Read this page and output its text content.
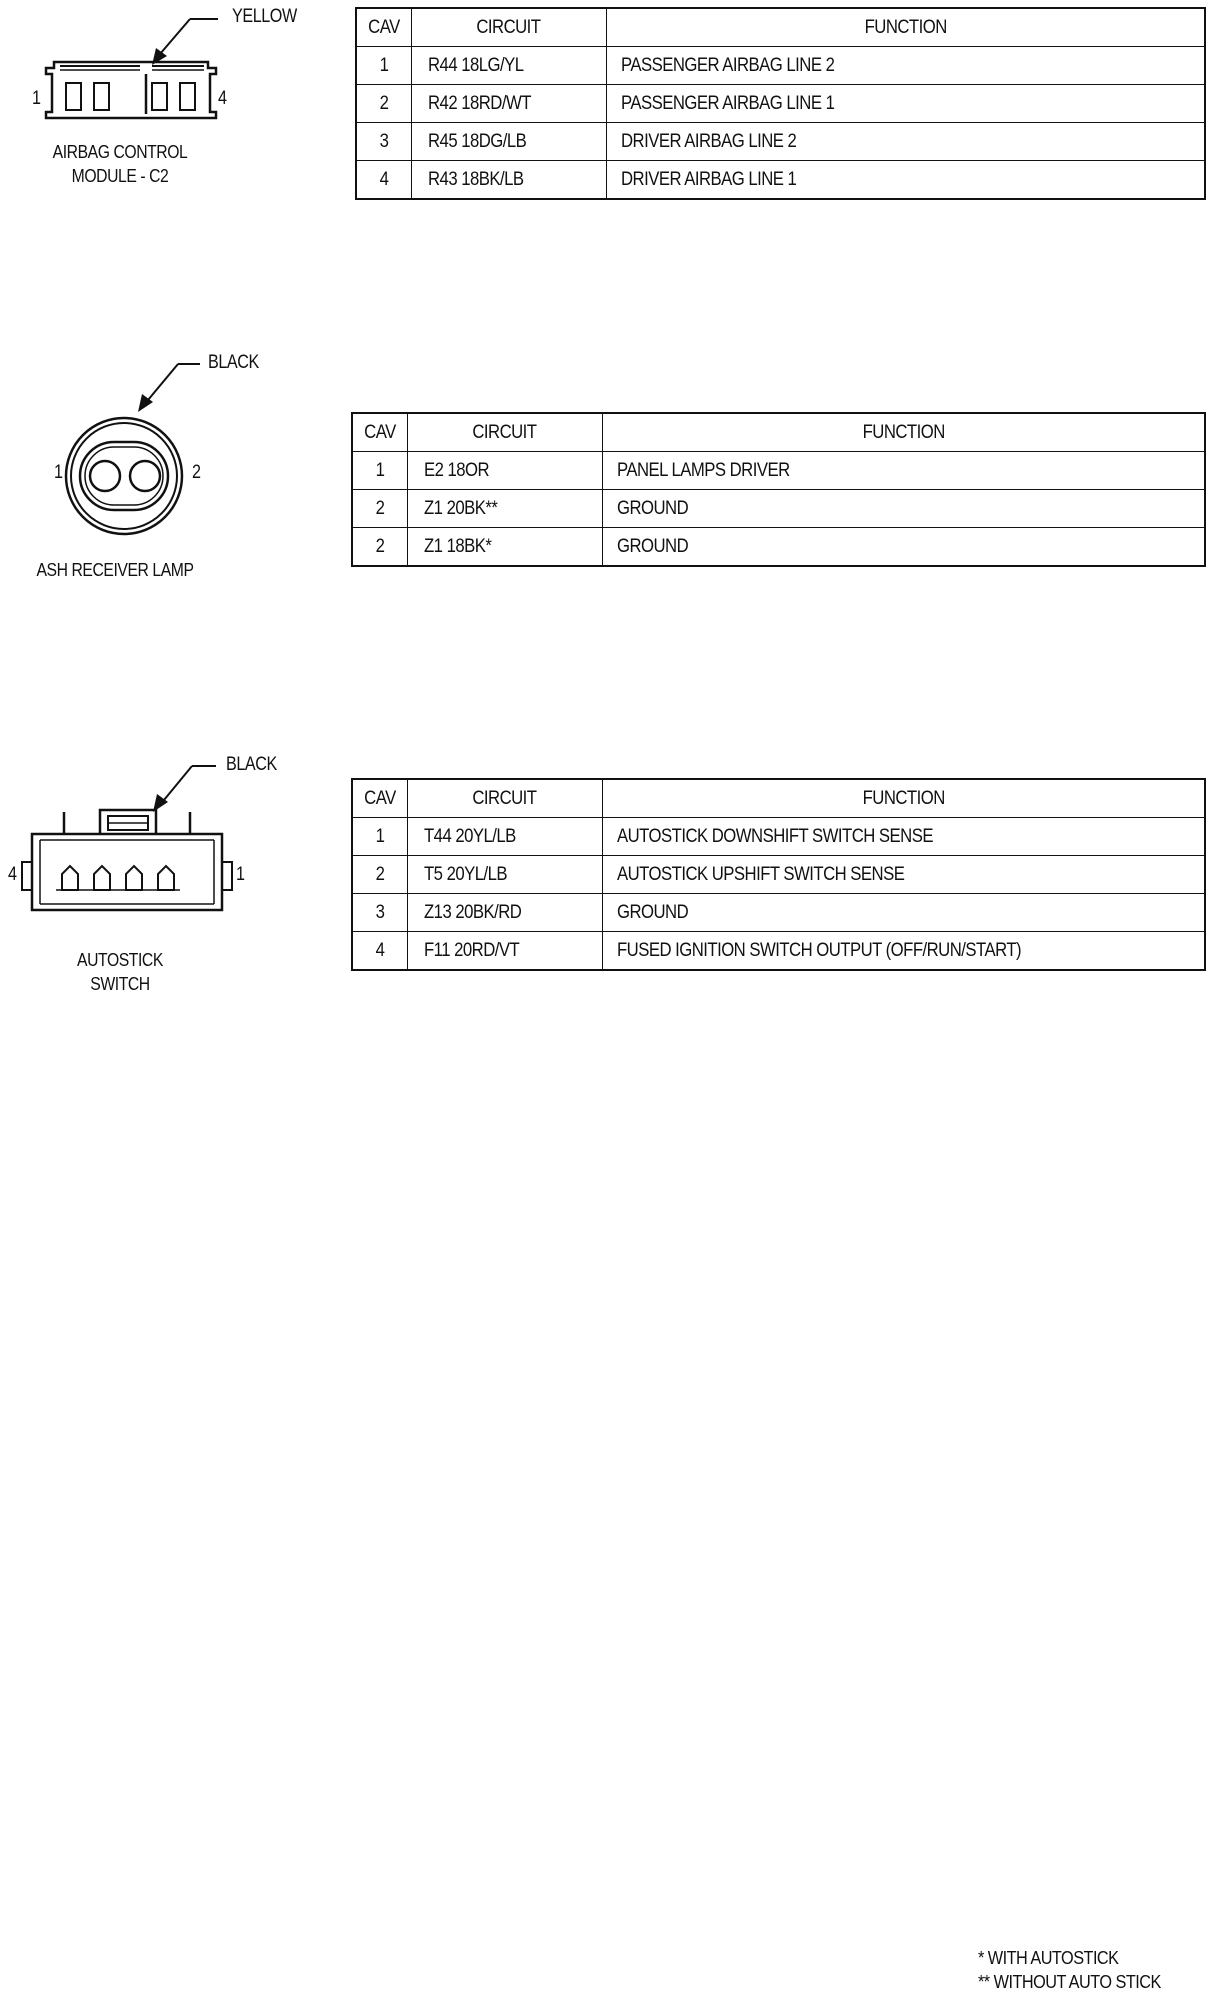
YELLOW
1	4
AIRBAG CONTROL
MODULE - C2
CAV	CIRCUIT	FUNCTION
1	R44 18LG/YL	PASSENGER AIRBAG LINE 2
2	R42 18RD/WT	PASSENGER AIRBAG LINE 1
3	R45 18DG/LB	DRIVER AIRBAG LINE 2
4	R43 18BK/LB	DRIVER AIRBAG LINE 1
BLACK
1	2
ASH RECEIVER LAMP
CAV	CIRCUIT	FUNCTION
1	E2 18OR	PANEL LAMPS DRIVER
2	Z1 20BK**	GROUND
2	Z1 18BK*	GROUND
BLACK
4	1
AUTOSTICK
SWITCH
CAV	CIRCUIT	FUNCTION
1	T44 20YL/LB	AUTOSTICK DOWNSHIFT SWITCH SENSE
2	T5 20YL/LB	AUTOSTICK UPSHIFT SWITCH SENSE
3	Z13 20BK/RD	GROUND
4	F11 20RD/VT	FUSED IGNITION SWITCH OUTPUT (OFF/RUN/START)
* WITH AUTOSTICK
** WITHOUT AUTO STICK
